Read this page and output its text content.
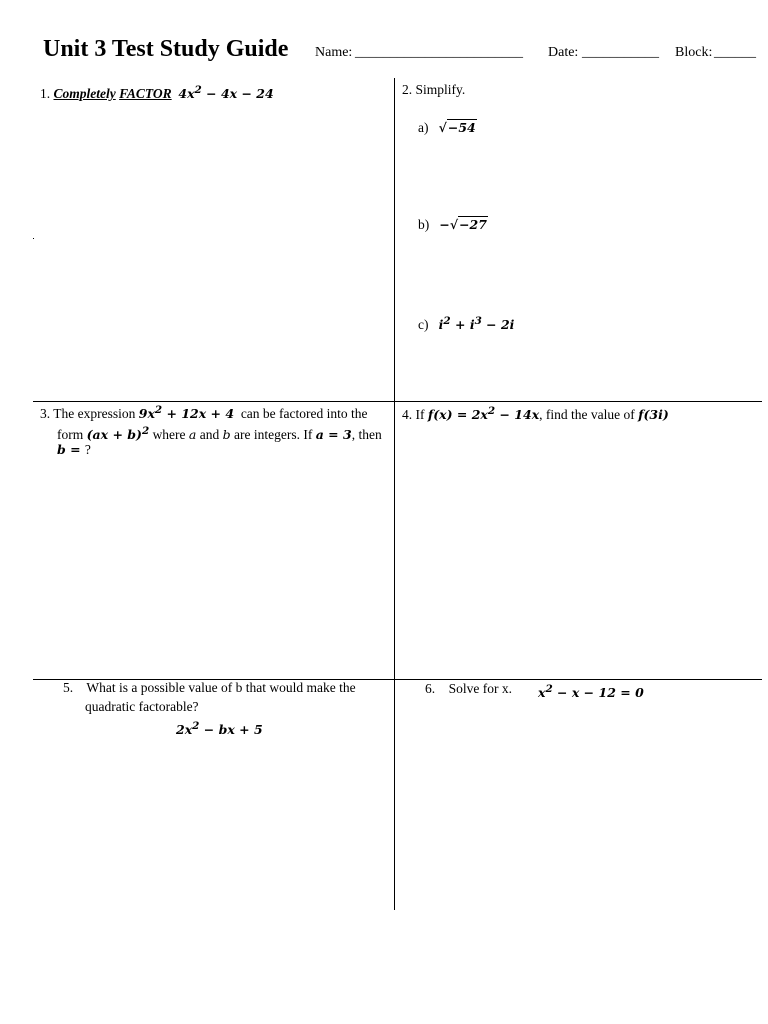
Unit 3 Test Study Guide Name: ________________________ Date: ___________ Block: ______
1. Completely FACTOR $4x^2 - 4x - 24$	2. Simplify.
a) √−54
b) −√−27
c) $i^2 + i^3 - 2i$
3. The expression $9x^2 + 12x + 4$ can be factored into the
form (ax + b)$^2$ where a and b are integers. If a = 3, then
b = ?
4. If $f(x) = 2x^2 - 14x$, find the value of f(3i)
5. What is a possible value of b that would make the
quadratic factorable?
$2x^2$ − bx + 5
6. Solve for x. $x^2 - x - 12 = 0$
